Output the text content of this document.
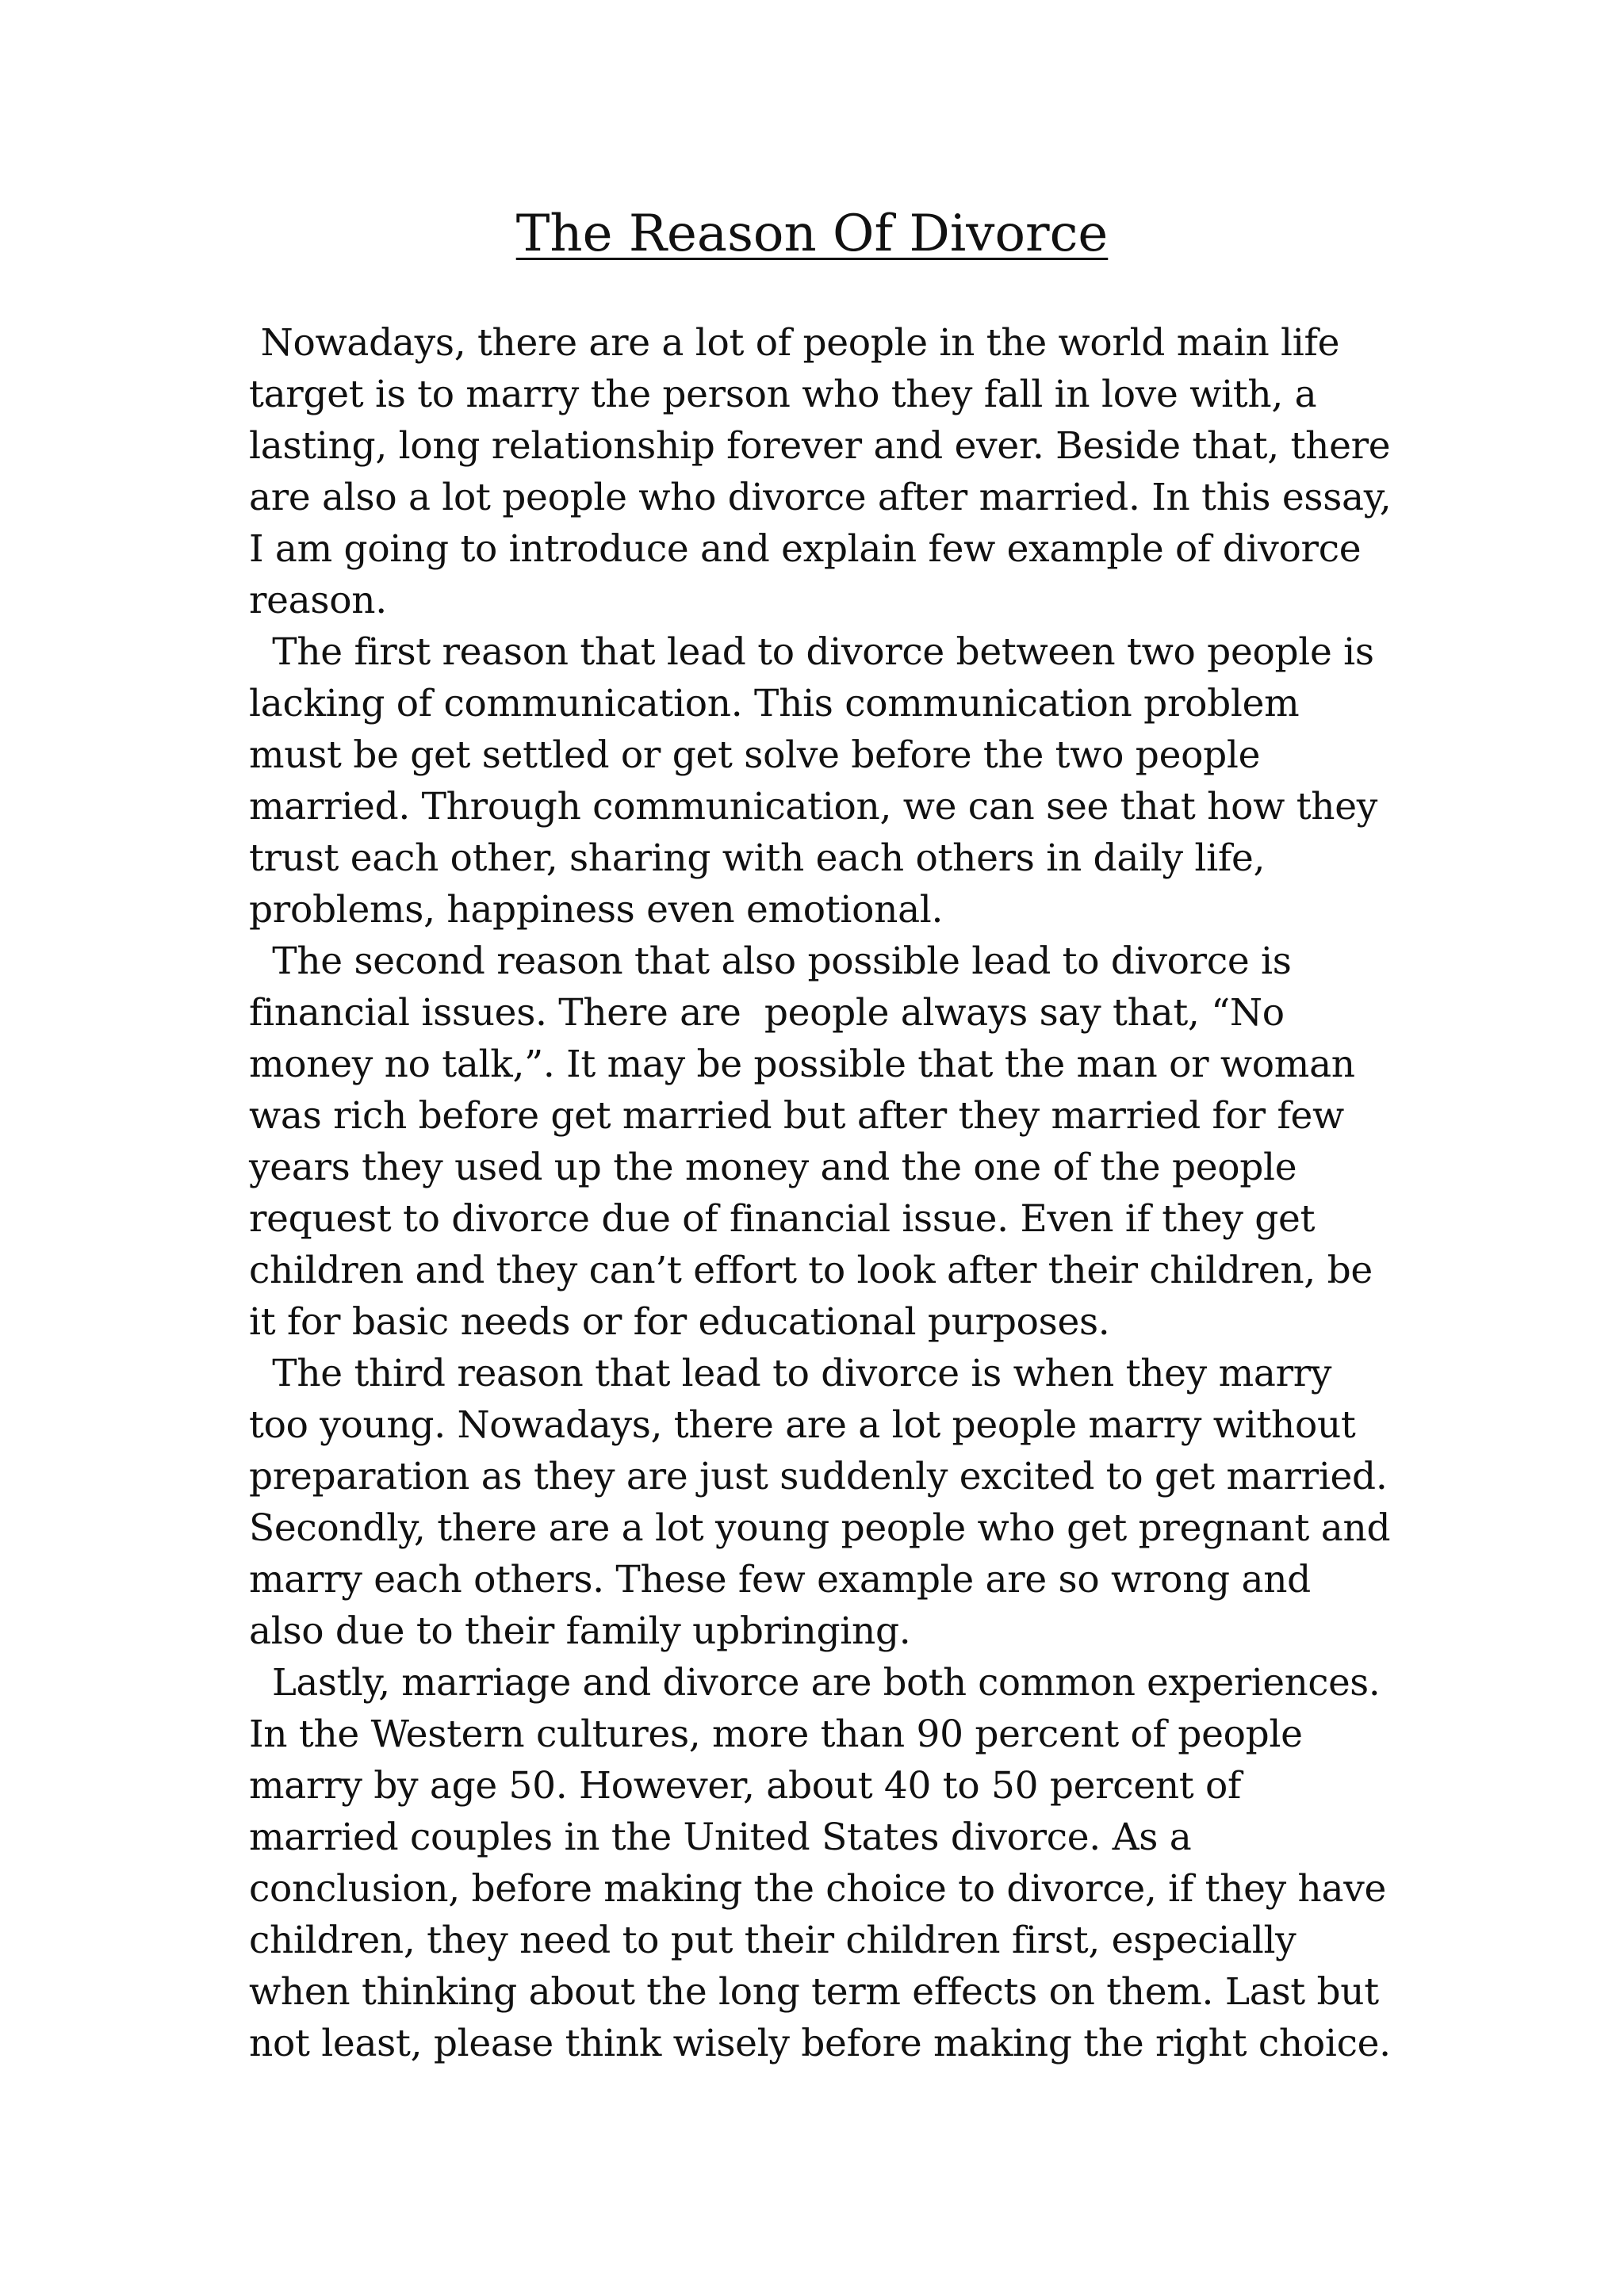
The Reason Of Divorce
Nowadays, there are a lot of people in the world main life
target is to marry the person who they fall in love with, a
lasting, long relationship forever and ever. Beside that, there
are also a lot people who divorce after married. In this essay,
I am going to introduce and explain few example of divorce
reason.
The first reason that lead to divorce between two people is
lacking of communication. This communication problem
must be get settled or get solve before the two people
married. Through communication, we can see that how they
trust each other, sharing with each others in daily life,
problems, happiness even emotional.
The second reason that also possible lead to divorce is
financial issues. There are  people always say that, “No
money no talk,”. It may be possible that the man or woman
was rich before get married but after they married for few
years they used up the money and the one of the people
request to divorce due of financial issue. Even if they get
children and they can’t effort to look after their children, be
it for basic needs or for educational purposes.
The third reason that lead to divorce is when they marry
too young. Nowadays, there are a lot people marry without
preparation as they are just suddenly excited to get married.
Secondly, there are a lot young people who get pregnant and
marry each others. These few example are so wrong and
also due to their family upbringing.
Lastly, marriage and divorce are both common experiences.
In the Western cultures, more than 90 percent of people
marry by age 50. However, about 40 to 50 percent of
married couples in the United States divorce. As a
conclusion, before making the choice to divorce, if they have
children, they need to put their children first, especially
when thinking about the long term effects on them. Last but
not least, please think wisely before making the right choice.
